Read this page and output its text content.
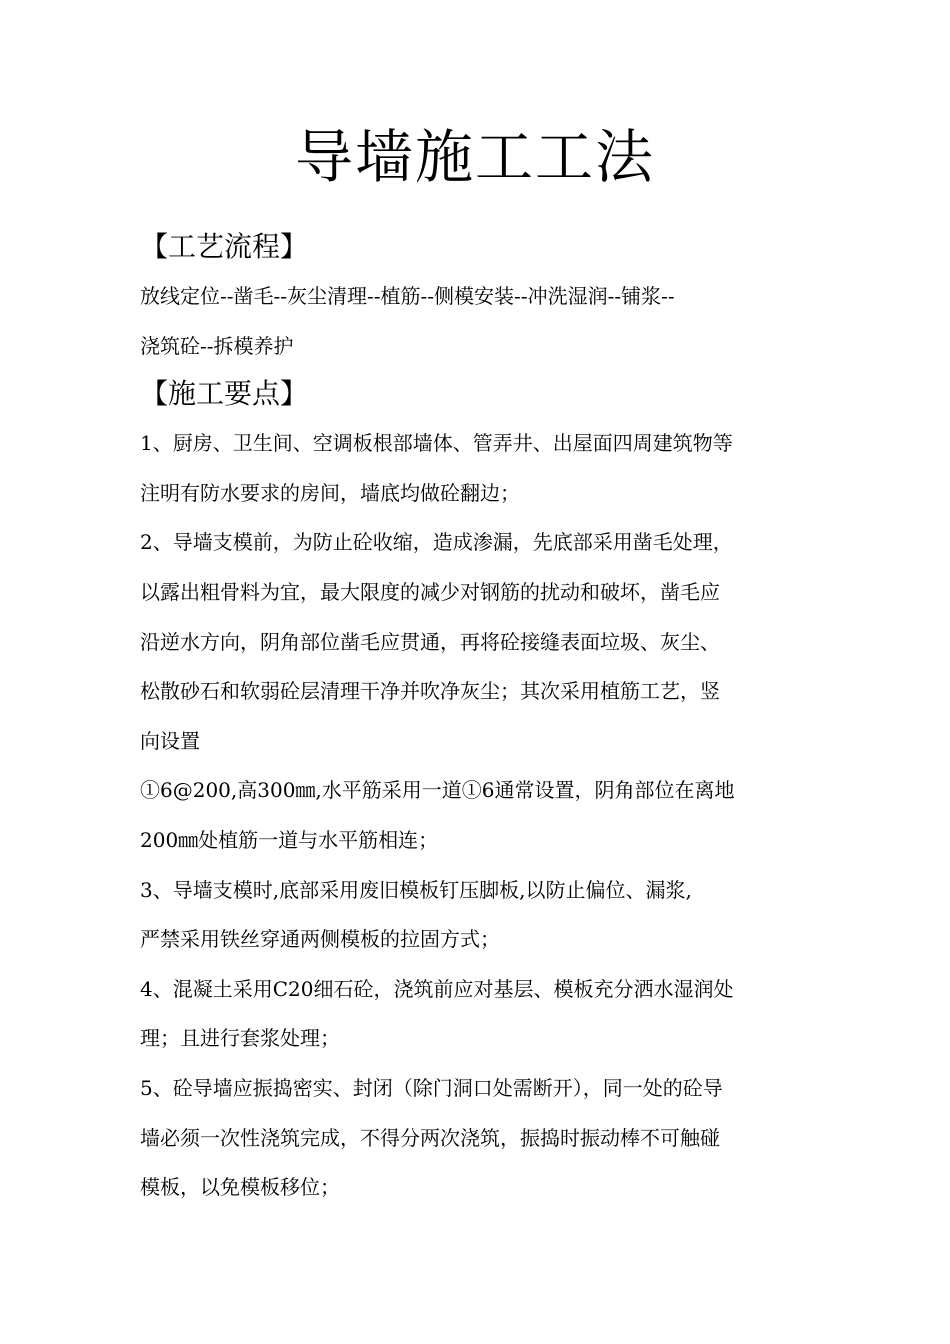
导墙施工工法
【工艺流程】
放线定位--凿毛--灰尘清理--植筋--侧模安装--冲洗湿润--铺浆--
浇筑砼--拆模养护
【施工要点】
1、厨房、卫生间、空调板根部墙体、管弄井、出屋面四周建筑物等
注明有防水要求的房间，墙底均做砼翻边；
2、导墙支模前，为防止砼收缩，造成渗漏，先底部采用凿毛处理，
以露出粗骨料为宜，最大限度的减少对钢筋的扰动和破坏，凿毛应
沿逆水方向，阴角部位凿毛应贯通，再将砼接缝表面垃圾、灰尘、
松散砂石和软弱砼层清理干净并吹净灰尘；其次采用植筋工艺，竖
向设置
①6@200,高300㎜,水平筋采用一道①6通常设置，阴角部位在离地
200㎜处植筋一道与水平筋相连；
3、导墙支模时,底部采用废旧模板钉压脚板,以防止偏位、漏浆,
严禁采用铁丝穿通两侧模板的拉固方式；
4、混凝土采用C20细石砼，浇筑前应对基层、模板充分洒水湿润处
理；且进行套浆处理；
5、砼导墙应振捣密实、封闭（除门洞口处需断开），同一处的砼导
墙必须一次性浇筑完成，不得分两次浇筑，振捣时振动棒不可触碰
模板，以免模板移位；
